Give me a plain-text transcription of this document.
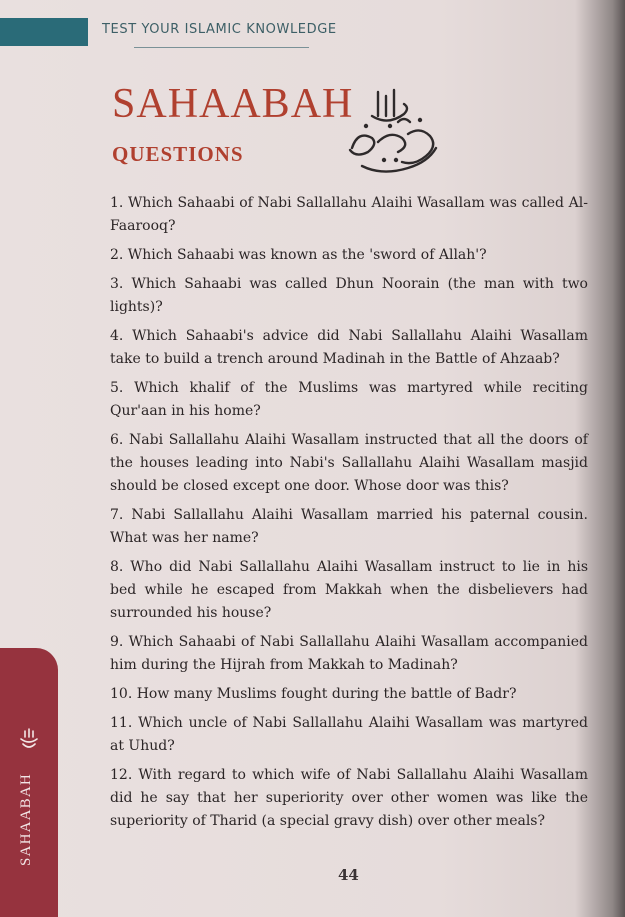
TEST YOUR ISLAMIC KNOWLEDGE
SAHAABAH
QUESTIONS

1. Which Sahaabi of Nabi Sallallahu Alaihi Wasallam was called Al-Faarooq?

2. Which Sahaabi was known as the 'sword of Allah'?

3. Which Sahaabi was called Dhun Noorain (the man with two lights)?

4. Which Sahaabi's advice did Nabi Sallallahu Alaihi Wasallam take to build a trench around Madinah in the Battle of Ahzaab?

5. Which khalif of the Muslims was martyred while reciting Qur'aan in his home?

6. Nabi Sallallahu Alaihi Wasallam instructed that all the doors of the houses leading into Nabi's Sallallahu Alaihi Wasallam masjid should be closed except one door. Whose door was this?

7. Nabi Sallallahu Alaihi Wasallam married his paternal cousin. What was her name?

8. Who did Nabi Sallallahu Alaihi Wasallam instruct to lie in his bed while he escaped from Makkah when the disbelievers had surrounded his house?

9. Which Sahaabi of Nabi Sallallahu Alaihi Wasallam accompanied him during the Hijrah from Makkah to Madinah?

10. How many Muslims fought during the battle of Badr?

11. Which uncle of Nabi Sallallahu Alaihi Wasallam was martyred at Uhud?

12. With regard to which wife of Nabi Sallallahu Alaihi Wasallam did he say that her superiority over other women was like the superiority of Tharid (a special gravy dish) over other meals?

SAHAABAH
44
